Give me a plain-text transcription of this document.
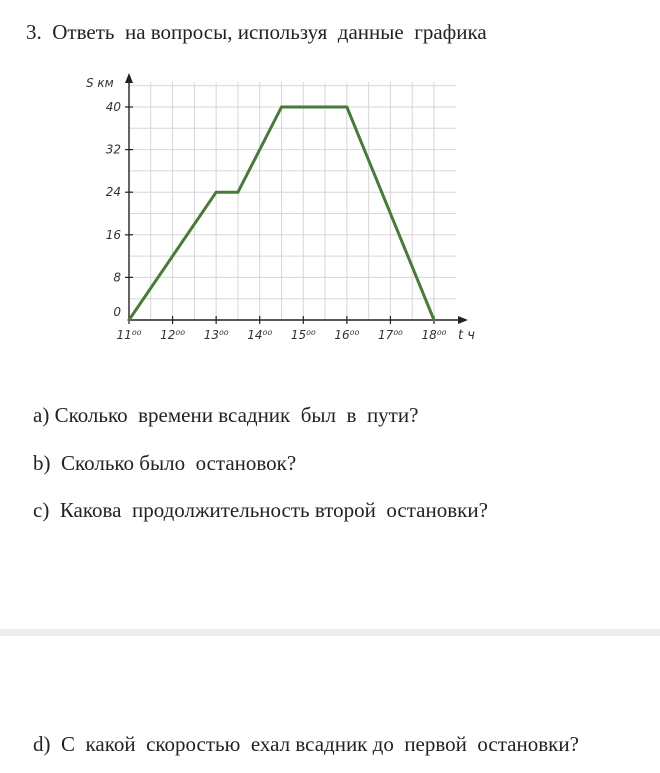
3.  Ответь  на вопросы, используя  данные  графика
0
8
16
24
32
40
11⁰⁰ 12⁰⁰ 13⁰⁰ 14⁰⁰ 15⁰⁰ 16⁰⁰ 17⁰⁰ 18⁰⁰
S км
t ч
a) Сколько  времени всадник  был  в  пути?
b)  Сколько было  остановок?
c)  Какова  продолжительность второй  остановки?
d)  С  какой  скоростью  ехал всадник до  первой  остановки?
